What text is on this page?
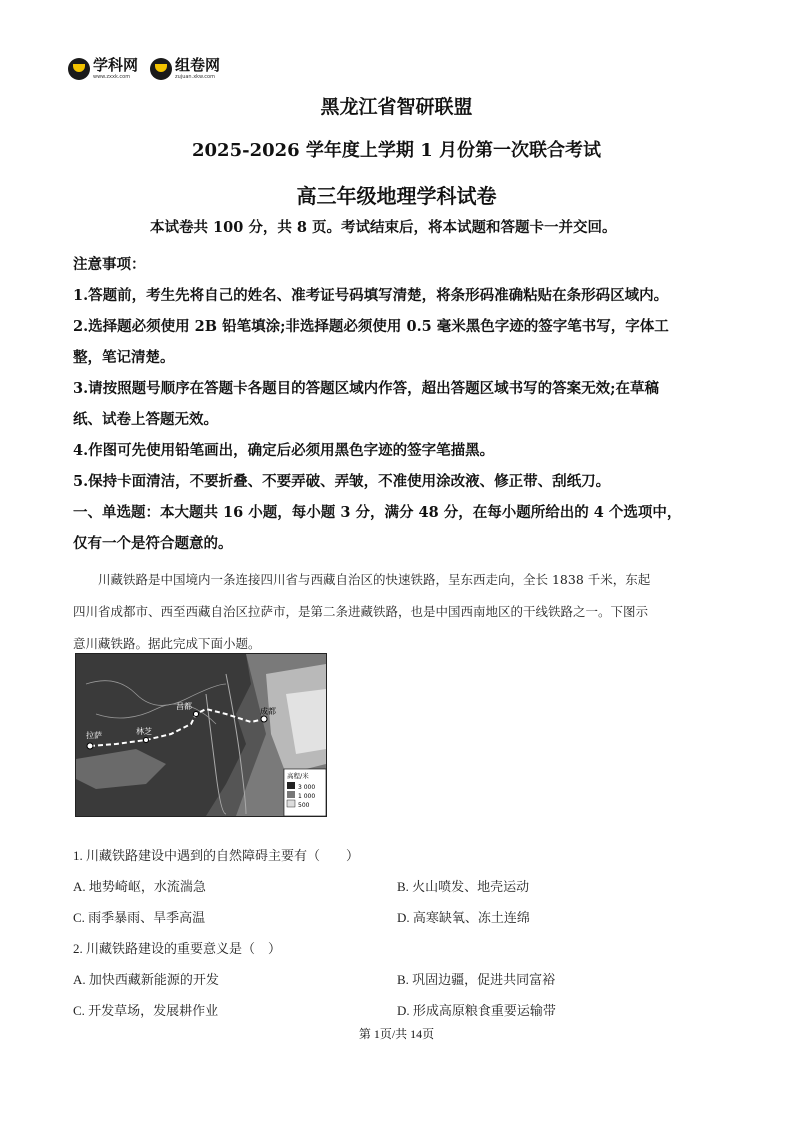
学科网
www.zxxk.com
组卷网
zujuan.xkw.com
黑龙江省智研联盟
2025-2026 学年度上学期 1 月份第一次联合考试
高三年级地理学科试卷
本试卷共 100 分，共 8 页。考试结束后，将本试题和答题卡一并交回。
注意事项：
1.答题前，考生先将自己的姓名、准考证号码填写清楚，将条形码准确粘贴在条形码区域内。
2.选择题必须使用 2B 铅笔填涂;非选择题必须使用 0.5 毫米黑色字迹的签字笔书写，字体工
整，笔记清楚。
3.请按照题号顺序在答题卡各题目的答题区域内作答，超出答题区域书写的答案无效;在草稿
纸、试卷上答题无效。
4.作图可先使用铅笔画出，确定后必须用黑色字迹的签字笔描黑。
5.保持卡面清洁，不要折叠、不要弄破、弄皱，不准使用涂改液、修正带、刮纸刀。
一、单选题：本大题共 16 小题，每小题 3 分，满分 48 分，在每小题所给出的 4 个选项中，
仅有一个是符合题意的。
川藏铁路是中国境内一条连接四川省与西藏自治区的快速铁路，呈东西走向，全长 1838 千米，东起
四川省成都市、西至西藏自治区拉萨市，是第二条进藏铁路，也是中国西南地区的干线铁路之一。下图示
意川藏铁路。据此完成下面小题。
拉萨	林芝
昌都
成都
高程/米
3 000
1 000
500
1. 川藏铁路建设中遇到的自然障碍主要有（　　）
A. 地势崎岖，水流湍急	B. 火山喷发、地壳运动
C. 雨季暴雨、旱季高温	D. 高寒缺氧、冻土连绵
2. 川藏铁路建设的重要意义是（　）
A. 加快西藏新能源的开发	B. 巩固边疆，促进共同富裕
C. 开发草场，发展耕作业	D. 形成高原粮食重要运输带
第 1页/共 14页
